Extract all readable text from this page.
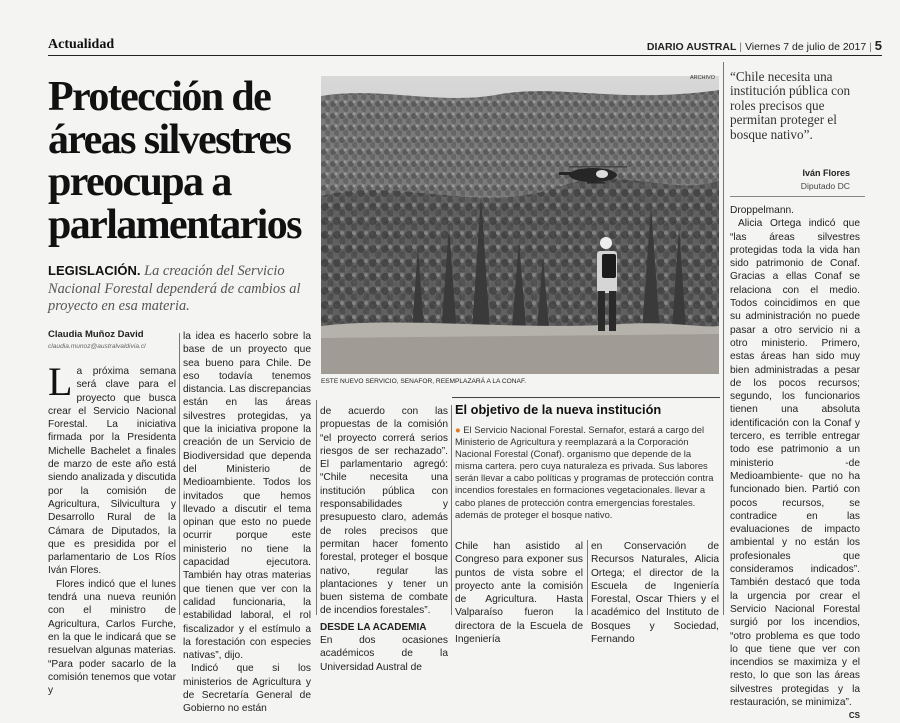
Actualidad	DIARIO AUSTRAL | Viernes 7 de julio de 2017 | 5
Protección de
áreas silvestres
preocupa a
parlamentarios
LEGISLACIÓN. La creación del Servicio Nacional Forestal dependerá de cambios al proyecto en esa materia.
Claudia Muñoz David
claudia.munoz@australvaldivia.cl

La próxima semana será clave para el proyecto que busca crear el Servicio Nacional Forestal. La iniciativa firmada por la Presidenta Michelle Bachelet a finales de marzo de este año está siendo analizada y discutida por la comisión de Agricultura, Silvicultura y Desarrollo Rural de la Cámara de Diputados, la que es presidida por el parlamentario de Los Ríos Iván Flores.

Flores indicó que el lunes tendrá una nueva reunión con el ministro de Agricultura, Carlos Furche, en la que le indicará que se resuelvan algunas materias. “Para poder sacarlo de la comisión tenemos que votar y

la idea es hacerlo sobre la base de un proyecto que sea bueno para Chile. De eso todavía tenemos distancia. Las discrepancias están en las áreas silvestres protegidas, ya que la iniciativa propone la creación de un Servicio de Biodiversidad que dependa del Ministerio de Medioambiente. Todos los invitados que hemos llevado a discutir el tema opinan que esto no puede ocurrir porque este ministerio no tiene la capacidad ejecutora. También hay otras materias que tienen que ver con la calidad funcionaria, la estabilidad laboral, el rol fiscalizador y el estímulo a la forestación con especies nativas”, dijo.

Indicó que si los ministerios de Agricultura y de Secretaría General de Gobierno no están

ARCHIVO
ESTE NUEVO SERVICIO, SENAFOR, REEMPLAZARÁ A LA CONAF.
El objetivo de la nueva institución
● El Servicio Nacional Forestal. Sernafor, estará a cargo del Ministerio de Agricultura y reemplazará a la Corporación Nacional Forestal (Conaf). organismo que depende de la misma cartera. pero cuya naturaleza es privada. Sus labores serán llevar a cabo políticas y programas de protección contra incendios forestales en formaciones vegetacionales. llevar a cabo planes de protección contra emergencias forestales. además de proteger el bosque nativo.

de acuerdo con las propuestas de la comisión “el proyecto correrá serios riesgos de ser rechazado”. El parlamentario agregó: “Chile necesita una institución pública con responsabilidades y presupuesto claro, además de roles precisos que permitan hacer fomento forestal, proteger el bosque nativo, regular las plantaciones y tener un buen sistema de combate de incendios forestales”.

DESDE LA ACADEMIA

En dos ocasiones académicos de la Universidad Austral de

Chile han asistido al Congreso para exponer sus puntos de vista sobre el proyecto ante la comisión de Agricultura. Hasta Valparaíso fueron la directora de la Escuela de Ingeniería

en Conservación de Recursos Naturales, Alicia Ortega; el director de la Escuela de Ingeniería Forestal, Oscar Thiers y el académico del Instituto de Bosques y Sociedad, Fernando

“Chile necesita una institución pública con roles precisos que permitan proteger el bosque nativo”.
Iván Flores
Diputado DC

Droppelmann.

Alicia Ortega indicó que “las áreas silvestres protegidas toda la vida han sido patrimonio de Conaf. Gracias a ellas Conaf se relaciona con el medio. Todos coincidimos en que su administración no puede pasar a otro servicio ni a otro ministerio. Primero, estas áreas han sido muy bien administradas a pesar de los pocos recursos; segundo, los funcionarios tienen una absoluta identificación con la Conaf y tercero, es terrible entregar todo ese patrimonio a un ministerio -de Medioambiente- que no ha funcionado bien. Partió con pocos recursos, se contradice en las evaluaciones de impacto ambiental y no están los profesionales que consideramos indicados”. También destacó que toda la urgencia por crear el Servicio Nacional Forestal surgió por los incendios, “otro problema es que todo lo que tiene que ver con incendios se maximiza y el resto, lo que son las áreas silvestres protegidas y la restauración, se minimiza”.
CS
